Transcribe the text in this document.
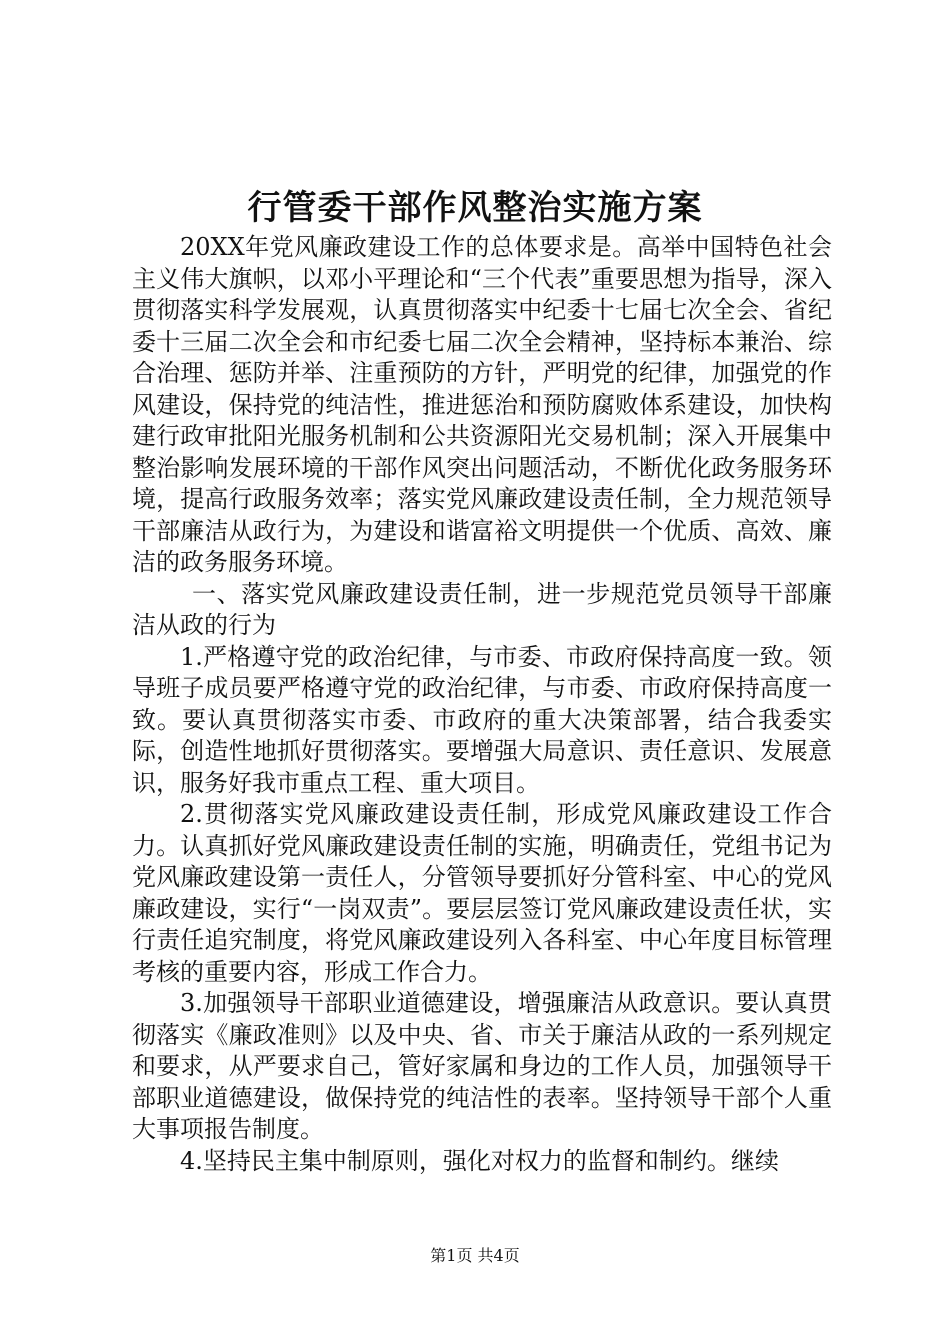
行管委干部作风整治实施方案

20XX年党风廉政建设工作的总体要求是。高举中国特色社会主义伟大旗帜，以邓小平理论和“三个代表”重要思想为指导，深入贯彻落实科学发展观，认真贯彻落实中纪委十七届七次全会、省纪委十三届二次全会和市纪委七届二次全会精神，坚持标本兼治、综合治理、惩防并举、注重预防的方针，严明党的纪律，加强党的作风建设，保持党的纯洁性，推进惩治和预防腐败体系建设，加快构建行政审批阳光服务机制和公共资源阳光交易机制；深入开展集中整治影响发展环境的干部作风突出问题活动，不断优化政务服务环境，提高行政服务效率；落实党风廉政建设责任制，全力规范领导干部廉洁从政行为，为建设和谐富裕文明提供一个优质、高效、廉洁的政务服务环境。

一、落实党风廉政建设责任制，进一步规范党员领导干部廉洁从政的行为

1.严格遵守党的政治纪律，与市委、市政府保持高度一致。领导班子成员要严格遵守党的政治纪律，与市委、市政府保持高度一致。要认真贯彻落实市委、市政府的重大决策部署，结合我委实际，创造性地抓好贯彻落实。要增强大局意识、责任意识、发展意识，服务好我市重点工程、重大项目。

2.贯彻落实党风廉政建设责任制，形成党风廉政建设工作合力。认真抓好党风廉政建设责任制的实施，明确责任，党组书记为党风廉政建设第一责任人，分管领导要抓好分管科室、中心的党风廉政建设，实行“一岗双责”。要层层签订党风廉政建设责任状，实行责任追究制度，将党风廉政建设列入各科室、中心年度目标管理考核的重要内容，形成工作合力。

3.加强领导干部职业道德建设，增强廉洁从政意识。要认真贯彻落实《廉政准则》以及中央、省、市关于廉洁从政的一系列规定和要求，从严要求自己，管好家属和身边的工作人员，加强领导干部职业道德建设，做保持党的纯洁性的表率。坚持领导干部个人重大事项报告制度。

4.坚持民主集中制原则，强化对权力的监督和制约。继续

第1页 共4页
